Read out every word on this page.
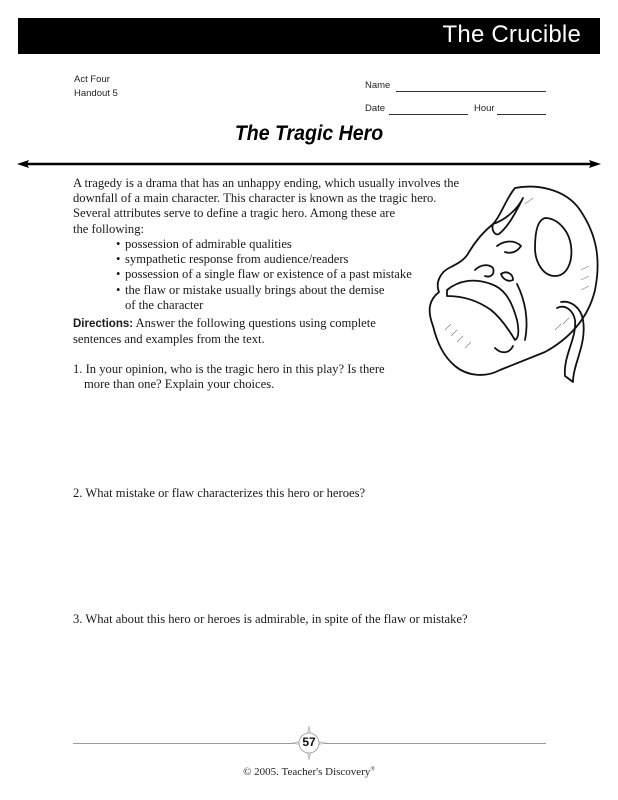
The Crucible
Act Four
Handout 5
Name
Date	Hour
The Tragic Hero
A tragedy is a drama that has an unhappy ending, which usually involves the
downfall of a main character. This character is known as the tragic hero.
Several attributes serve to define a tragic hero. Among these are
the following:
• possession of admirable qualities
• sympathetic response from audience/readers
• possession of a single flaw or existence of a past mistake
• the flaw or mistake usually brings about the demise
of the character
Directions: Answer the following questions using complete
sentences and examples from the text.
1. In your opinion, who is the tragic hero in this play? Is there
more than one? Explain your choices.
2. What mistake or flaw characterizes this hero or heroes?
3. What about this hero or heroes is admirable, in spite of the flaw or mistake?
57
© 2005. Teacher's Discovery®
